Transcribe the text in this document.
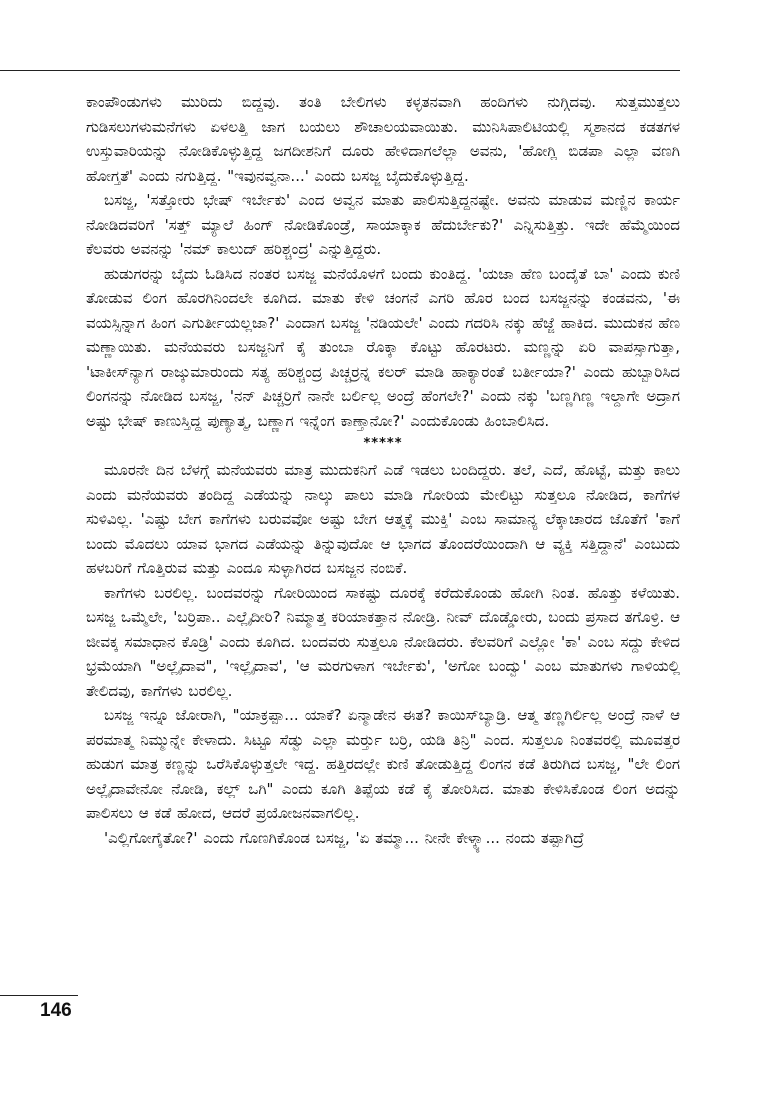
ಕಾಂಪೌಂಡುಗಳು ಮುರಿದು ಬಿದ್ದವು. ತಂತಿ ಬೇಲಿಗಳು ಕಳ್ಳತನವಾಗಿ ಹಂದಿಗಳು ನುಗ್ಗಿದವು. ಸುತ್ತಮುತ್ತಲು ಗುಡಿಸಲುಗಳುಮನೆಗಳು ಏಳಲತ್ತಿ ಜಾಗ ಬಯಲು ಶೌಚಾಲಯವಾಯಿತು. ಮುನಿಸಿಪಾಲಿಟಿಯಲ್ಲಿ ಸ್ಮಶಾನದ ಕಡತಗಳ ಉಸ್ತುವಾರಿಯನ್ನು ನೋಡಿಕೊಳ್ಳುತ್ತಿದ್ದ ಜಗದೀಶನಿಗೆ ದೂರು ಹೇಳಿದಾಗಲೆಲ್ಲಾ ಅವನು, 'ಹೋಗ್ಲಿ ಬಿಡಪಾ ಎಲ್ಲಾ ವಣಗಿ ಹೋಗ್ತತೆ' ಎಂದು ನಗುತ್ತಿದ್ದ. "ಇವುನವ್ವನಾ...' ಎಂದು ಬಸಜ್ಜ ಬೈದುಕೊಳ್ಳುತ್ತಿದ್ದ.

ಬಸಜ್ಜ, 'ಸತ್ತೋರು ಭೇಷ್ ಇರ್ಬೇಕು' ಎಂದ ಅವ್ವನ ಮಾತು ಪಾಲಿಸುತ್ತಿದ್ದನಷ್ಟೇ. ಅವನು ಮಾಡುವ ಮಣ್ಣಿನ ಕಾರ್ಯ ನೋಡಿದವರಿಗೆ 'ಸತ್ತ್ ಮ್ಯಾಲೆ ಹಿಂಗ್ ನೋಡಿಕೊಂಡ್ರೆ, ಸಾಯಾಕ್ಕಾಕ ಹೆದುರ್ಬೇಕು?' ಎನ್ನಿಸುತ್ತಿತ್ತು. ಇದೇ ಹೆಮ್ಮೆಯಿಂದ ಕೆಲವರು ಅವನನ್ನು 'ನಮ್ ಕಾಲುದ್ ಹರಿಶ್ಚಂದ್ರ' ಎನ್ನುತ್ತಿದ್ದರು.

ಹುಡುಗರನ್ನು ಬೈದು ಓಡಿಸಿದ ನಂತರ ಬಸಜ್ಜ ಮನೆಯೊಳಗೆ ಬಂದು ಕುಂತಿದ್ದ. 'ಯಜಾ ಹೆಣ ಬಂದೈತೆ ಬಾ' ಎಂದು ಕುಣಿ ತೋಡುವ ಲಿಂಗ ಹೊರಗಿನಿಂದಲೇ ಕೂಗಿದ. ಮಾತು ಕೇಳಿ ಚಂಗನೆ ಎಗರಿ ಹೊರ ಬಂದ ಬಸಜ್ಜನನ್ನು ಕಂಡವನು, 'ಈ ವಯಸ್ಸಿನ್ನಾಗ ಹಿಂಗ ಎಗುರ್ತೀಯಲ್ಲಜಾ?' ಎಂದಾಗ ಬಸಜ್ಜ 'ನಡಿಯಲೇ' ಎಂದು ಗದರಿಸಿ ನಕ್ಕು ಹೆಜ್ಜೆ ಹಾಕಿದ. ಮುದುಕನ ಹೆಣ ಮಣ್ಣಾಯಿತು. ಮನೆಯವರು ಬಸಜ್ಜನಿಗೆ ಕೈ ತುಂಬಾ ರೊಕ್ಕಾ ಕೊಟ್ಟು ಹೊರಟರು. ಮಣ್ಣನ್ನು ಏರಿ ವಾಪಸ್ಸಾಗುತ್ತಾ, 'ಟಾಕೀಸ್‌ನ್ಯಾಗ ರಾಜ್ಕುಮಾರುಂದು ಸತ್ಯ ಹರಿಶ್ಚಂದ್ರ ಪಿಚ್ಚರ್ರನ್ನ ಕಲರ್ ಮಾಡಿ ಹಾಕ್ಯಾರಂತೆ ಬರ್ತೀಯಾ?' ಎಂದು ಹುಬ್ಬಾರಿಸಿದ ಲಿಂಗನನ್ನು ನೋಡಿದ ಬಸಜ್ಜ, 'ನನ್ ಪಿಚ್ಚರ್ರಿಗೆ ನಾನೇ ಬರ್ಲಿಲ್ಲ ಅಂದ್ರೆ ಹೆಂಗಲೇ?' ಎಂದು ನಕ್ಕು 'ಬಣ್ಣಗಿಣ್ಣ ಇಲ್ದಾಗೇ ಅದ್ರಾಗ ಅಷ್ಟು ಭೇಷ್ ಕಾಣುಸ್ತಿದ್ದ ಪುಣ್ಯಾತ್ಮ, ಬಣ್ಣಾಗ ಇನ್ನೆಂಗ ಕಾಣ್ತಾನೋ?' ಎಂದುಕೊಂಡು ಹಿಂಬಾಲಿಸಿದ.

*****

ಮೂರನೇ ದಿನ ಬೆಳಗ್ಗೆ ಮನೆಯವರು ಮಾತ್ರ ಮುದುಕನಿಗೆ ಎಡೆ ಇಡಲು ಬಂದಿದ್ದರು. ತಲೆ, ಎದೆ, ಹೊಟ್ಟೆ, ಮತ್ತು ಕಾಲು ಎಂದು ಮನೆಯವರು ತಂದಿದ್ದ ಎಡೆಯನ್ನು ನಾಲ್ಕು ಪಾಲು ಮಾಡಿ ಗೋರಿಯ ಮೇಲಿಟ್ಟು ಸುತ್ತಲೂ ನೋಡಿದ, ಕಾಗೆಗಳ ಸುಳಿವಿಲ್ಲ. 'ಎಷ್ಟು ಬೇಗ ಕಾಗೆಗಳು ಬರುವವೋ ಅಷ್ಟು ಬೇಗ ಆತ್ಮಕ್ಕೆ ಮುಕ್ತಿ' ಎಂಬ ಸಾಮಾನ್ಯ ಲೆಕ್ಕಾಚಾರದ ಜೊತೆಗೆ 'ಕಾಗೆ ಬಂದು ಮೊದಲು ಯಾವ ಭಾಗದ ಎಡೆಯನ್ನು ತಿನ್ನುವುದೋ ಆ ಭಾಗದ ತೊಂದರೆಯಿಂದಾಗಿ ಆ ವ್ಯಕ್ತಿ ಸತ್ತಿದ್ದಾನೆ' ಎಂಬುದು ಹಳಬರಿಗೆ ಗೊತ್ತಿರುವ ಮತ್ತು ಎಂದೂ ಸುಳ್ಳಾಗಿರದ ಬಸಜ್ಜನ ನಂಬಿಕೆ.

ಕಾಗೆಗಳು ಬರಲಿಲ್ಲ. ಬಂದವರನ್ನು ಗೋರಿಯಿಂದ ಸಾಕಷ್ಟು ದೂರಕ್ಕೆ ಕರೆದುಕೊಂಡು ಹೋಗಿ ನಿಂತ. ಹೊತ್ತು ಕಳೆಯಿತು. ಬಸಜ್ಜ ಒಮ್ಮೆಲೇ, 'ಬರ್ರಿಪಾ.. ಎಲ್ಲೈದೀರಿ? ನಿಮ್ಮಾತ್ತ ಕರಿಯಾಕತ್ತಾನ ನೋಡ್ರಿ. ನೀವ್ ದೊಡ್ಡೋರು, ಬಂದು ಪ್ರಸಾದ ತಗೊಳ್ರಿ. ಆ ಜೀವಕ್ಕ ಸಮಾಧಾನ ಕೊಡ್ರಿ' ಎಂದು ಕೂಗಿದ. ಬಂದವರು ಸುತ್ತಲೂ ನೋಡಿದರು. ಕೆಲವರಿಗೆ ಎಲ್ಲೋ 'ಕಾ' ಎಂಬ ಸದ್ದು ಕೇಳಿದ ಭ್ರಮೆಯಾಗಿ "ಅಲ್ಲೈದಾವ", 'ಇಲ್ಲೈದಾವ', 'ಆ ಮರಗುಳಾಗ ಇರ್ಬೇಕು', 'ಅಗೋ ಬಂದ್ವು' ಎಂಬ ಮಾತುಗಳು ಗಾಳಿಯಲ್ಲಿ ತೇಲಿದವು, ಕಾಗೆಗಳು ಬರಲಿಲ್ಲ.

ಬಸಜ್ಜ ಇನ್ನೂ ಜೋರಾಗಿ, "ಯಾಕ್ರಪ್ಪಾ... ಯಾಕೆ? ಏನ್ಮಾಡೇನ ಈತ? ಕಾಯಿಸ್‌ಬ್ಯಾಡ್ರಿ. ಆತ್ಮ ತಣ್ಣಗಿರ್ಲಿಲ್ಲ ಅಂದ್ರೆ ನಾಳೆ ಆ ಪರಮಾತ್ಮ ನಿಮ್ಮುನ್ನೇ ಕೇಳಾದು. ಸಿಟ್ಟೂ ಸೆಡ್ವು ಎಲ್ಲಾ ಮರ್ರ್ತು ಬರ್ರಿ, ಯಡಿ ತಿನ್ರಿ" ಎಂದ. ಸುತ್ತಲೂ ನಿಂತವರಲ್ಲಿ ಮೂವತ್ತರ ಹುಡುಗ ಮಾತ್ರ ಕಣ್ಣನ್ನು ಒರೆಸಿಕೊಳ್ಳುತ್ತಲೇ ಇದ್ದ. ಹತ್ತಿರದಲ್ಲೇ ಕುಣಿ ತೋಡುತ್ತಿದ್ದ ಲಿಂಗನ ಕಡೆ ತಿರುಗಿದ ಬಸಜ್ಜ, "ಲೇ ಲಿಂಗ ಅಲ್ಲೈದಾವೇನೋ ನೋಡಿ, ಕಲ್ಲ್ ಒಗಿ" ಎಂದು ಕೂಗಿ ತಿಪ್ಪೆಯ ಕಡೆ ಕೈ ತೋರಿಸಿದ. ಮಾತು ಕೇಳಿಸಿಕೊಂಡ ಲಿಂಗ ಅದನ್ನು ಪಾಲಿಸಲು ಆ ಕಡೆ ಹೋದ, ಆದರೆ ಪ್ರಯೋಜನವಾಗಲಿಲ್ಲ.

'ಎಲ್ಲಿಗೋಗೈತೋ?' ಎಂದು ಗೊಣಗಿಕೊಂಡ ಬಸಜ್ಜ, 'ಏ ತಮ್ಮಾ... ನೀನೇ ಕೇಳ್ಕ್ಯಾ... ನಂದು ತಪ್ಪಾಗಿದ್ರೆ

146
